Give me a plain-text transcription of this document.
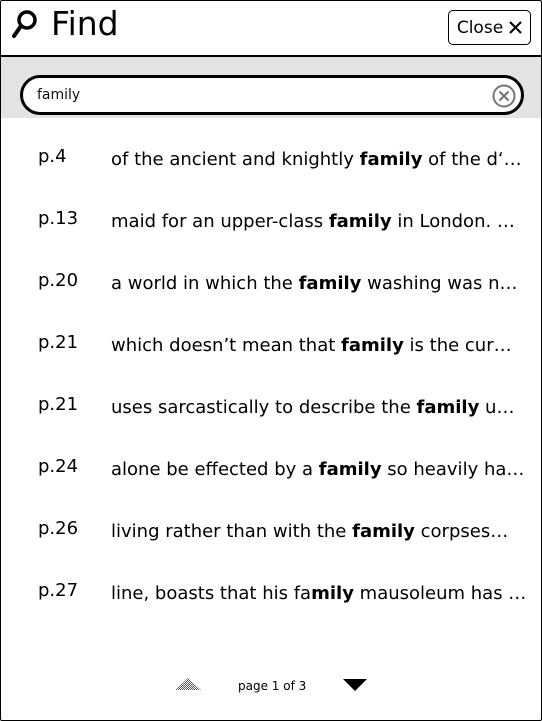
Find	Close
family
p.4 of the ancient and knightly family of the d‘…
p.13 maid for an upper-class family in London. …
p.20 a world in which the family washing was n…
p.21 which doesn’t mean that family is the cur…
p.21 uses sarcastically to describe the family u…
p.24 alone be effected by a family so heavily ha…
p.26 living rather than with the family corpses…
p.27 line, boasts that his family mausoleum has …
page 1 of 3
